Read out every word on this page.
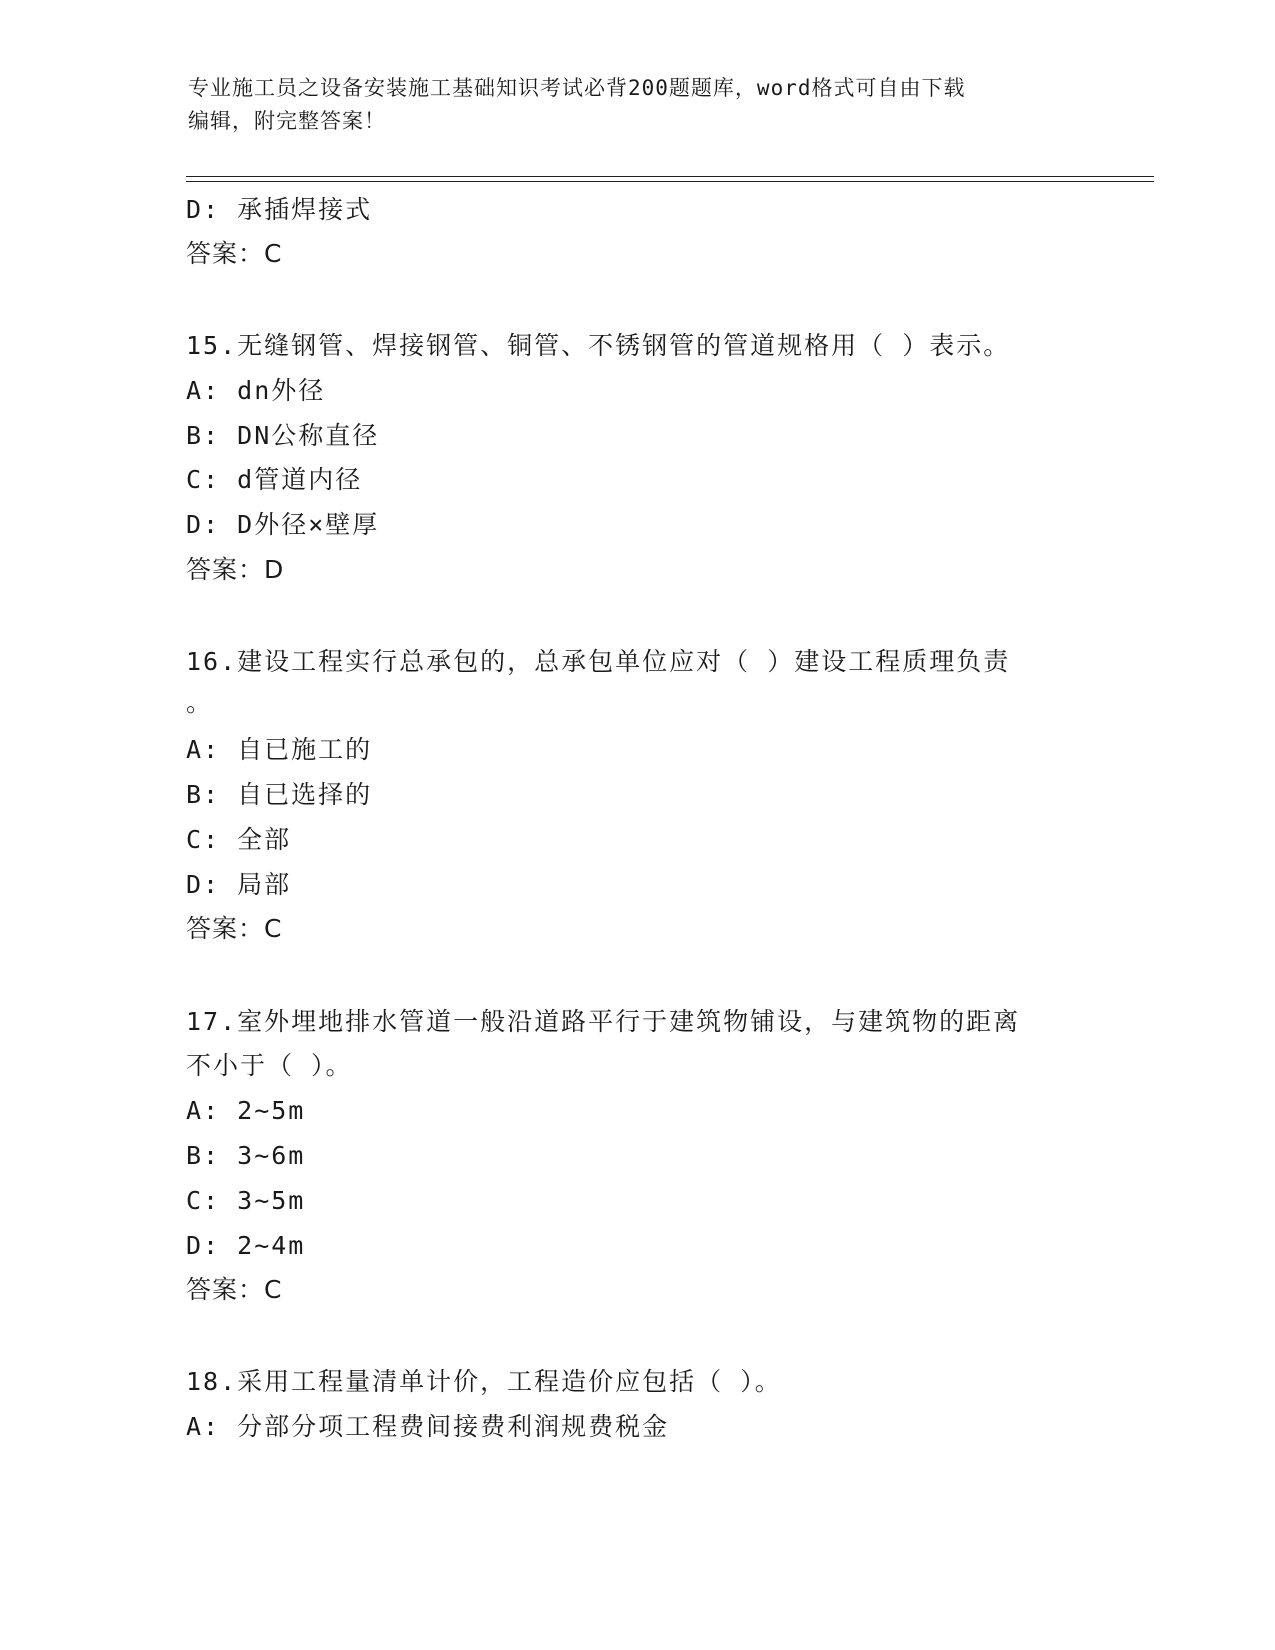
专业施工员之设备安装施工基础知识考试必背200题题库，word格式可自由下载
编辑，附完整答案！
D: 承插焊接式
答案：C
15.无缝钢管、焊接钢管、铜管、不锈钢管的管道规格用（ ）表示。
A: dn外径
B: DN公称直径
C: d管道内径
D: D外径×壁厚
答案：D
16.建设工程实行总承包的，总承包单位应对（ ）建设工程质理负责
。
A: 自已施工的
B: 自已选择的
C: 全部
D: 局部
答案：C
17.室外埋地排水管道一般沿道路平行于建筑物铺设，与建筑物的距离
不小于（ ）。
A: 2~5m
B: 3~6m
C: 3~5m
D: 2~4m
答案：C
18.采用工程量清单计价，工程造价应包括（ ）。
A: 分部分项工程费间接费利润规费税金
